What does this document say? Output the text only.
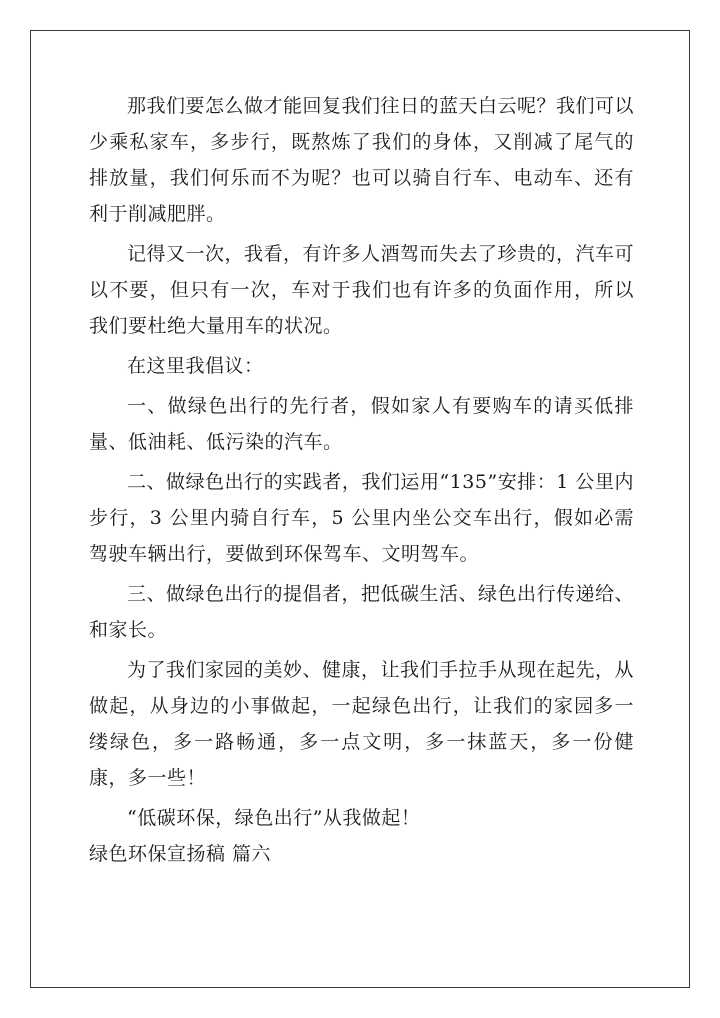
那我们要怎么做才能回复我们往日的蓝天白云呢？我们可以少乘私家车，多步行，既熬炼了我们的身体，又削减了尾气的排放量，我们何乐而不为呢？也可以骑自行车、电动车、还有利于削减肥胖。

记得又一次，我看，有许多人酒驾而失去了珍贵的，汽车可以不要，但只有一次，车对于我们也有许多的负面作用，所以我们要杜绝大量用车的状况。

在这里我倡议：

一、做绿色出行的先行者，假如家人有要购车的请买低排量、低油耗、低污染的汽车。

二、做绿色出行的实践者，我们运用“135”安排：1 公里内步行，3 公里内骑自行车，5 公里内坐公交车出行，假如必需驾驶车辆出行，要做到环保驾车、文明驾车。

三、做绿色出行的提倡者，把低碳生活、绿色出行传递给、和家长。

为了我们家园的美妙、健康，让我们手拉手从现在起先，从做起，从身边的小事做起，一起绿色出行，让我们的家园多一缕绿色，多一路畅通，多一点文明，多一抹蓝天，多一份健康，多一些！

“低碳环保，绿色出行”从我做起！

绿色环保宣扬稿 篇六
